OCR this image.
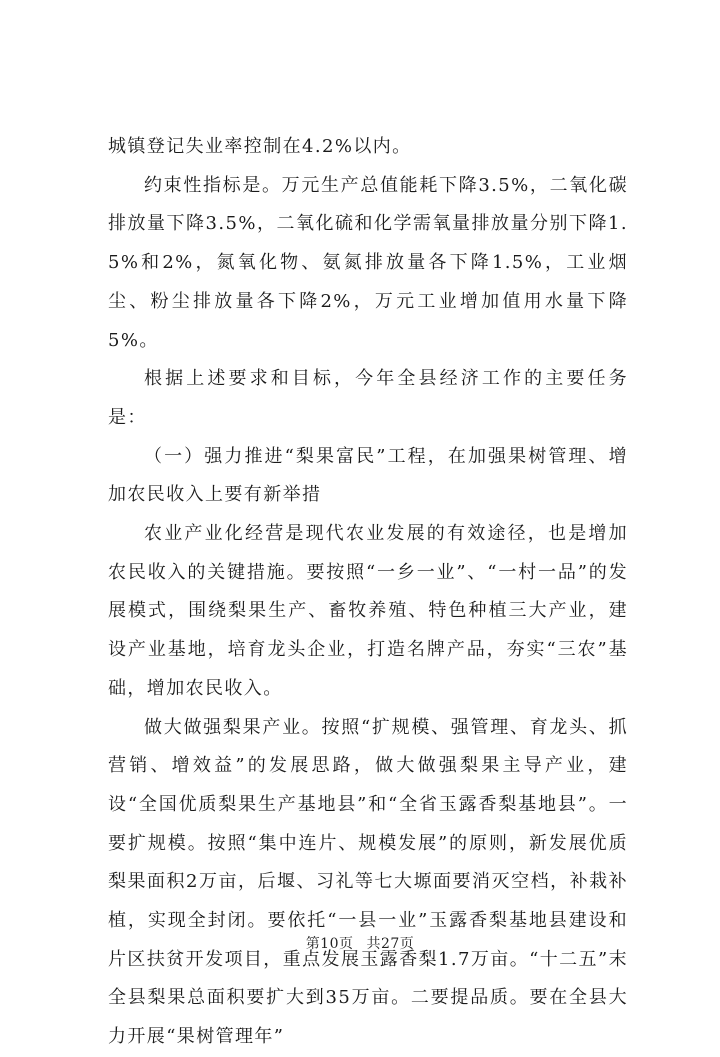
城镇登记失业率控制在4.2%以内。

约束性指标是。万元生产总值能耗下降3.5%，二氧化碳排放量下降3.5%，二氧化硫和化学需氧量排放量分别下降1.5%和2%，氮氧化物、氨氮排放量各下降1.5%，工业烟尘、粉尘排放量各下降2%，万元工业增加值用水量下降5%。

根据上述要求和目标，今年全县经济工作的主要任务是：

（一）强力推进“梨果富民”工程，在加强果树管理、增加农民收入上要有新举措

农业产业化经营是现代农业发展的有效途径，也是增加农民收入的关键措施。要按照“一乡一业”、“一村一品”的发展模式，围绕梨果生产、畜牧养殖、特色种植三大产业，建设产业基地，培育龙头企业，打造名牌产品，夯实“三农”基础，增加农民收入。

做大做强梨果产业。按照“扩规模、强管理、育龙头、抓营销、增效益”的发展思路，做大做强梨果主导产业，建设“全国优质梨果生产基地县”和“全省玉露香梨基地县”。一要扩规模。按照“集中连片、规模发展”的原则，新发展优质梨果面积2万亩，后堰、习礼等七大塬面要消灭空档，补栽补植，实现全封闭。要依托“一县一业”玉露香梨基地县建设和片区扶贫开发项目，重点发展玉露香梨1.7万亩。“十二五”末全县梨果总面积要扩大到35万亩。二要提品质。要在全县大力开展“果树管理年”

第10页 共27页
